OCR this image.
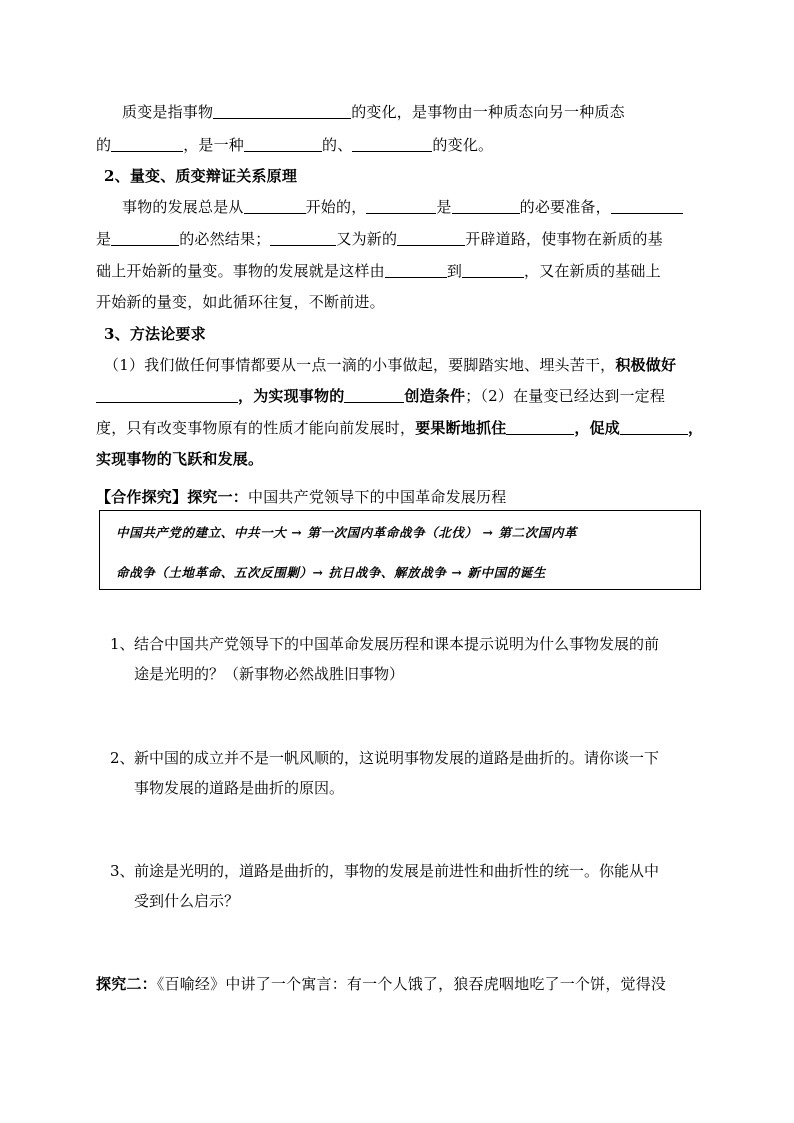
质变是指事物	的变化，是事物由一种质态向另一种质态
的	，是一种	的、	的变化。
2、量变、质变辩证关系原理
事物的发展总是从	开始的，	是	的必要准备，
是	的必然结果；	又为新的	开辟道路，使事物在新质的基
础上开始新的量变。事物的发展就是这样由	到	，又在新质的基础上
开始新的量变，如此循环往复，不断前进。
3、方法论要求
（1）我们做任何事情都要从一点一滴的小事做起，要脚踏实地、埋头苦干，积极做好
，为实现事物的	创造条件；（2）在量变已经达到一定程
度，只有改变事物原有的性质才能向前发展时，要果断地抓住	，促成	，
实现事物的飞跃和发展。
【合作探究】探究一：中国共产党领导下的中国革命发展历程
中国共产党的建立、中共一大 → 第一次国内革命战争（北伐） → 第二次国内革
命战争（土地革命、五次反围剿）→ 抗日战争、解放战争 → 新中国的诞生
1、 结合中国共产党领导下的中国革命发展历程和课本提示说明为什么事物发展的前
途是光明的？（新事物必然战胜旧事物）
2、 新中国的成立并不是一帆风顺的，这说明事物发展的道路是曲折的。请你谈一下
事物发展的道路是曲折的原因。
3、 前途是光明的，道路是曲折的，事物的发展是前进性和曲折性的统一。你能从中
受到什么启示？
探究二：《百喻经》中讲了一个寓言：有一个人饿了，狼吞虎咽地吃了一个饼，觉得没
